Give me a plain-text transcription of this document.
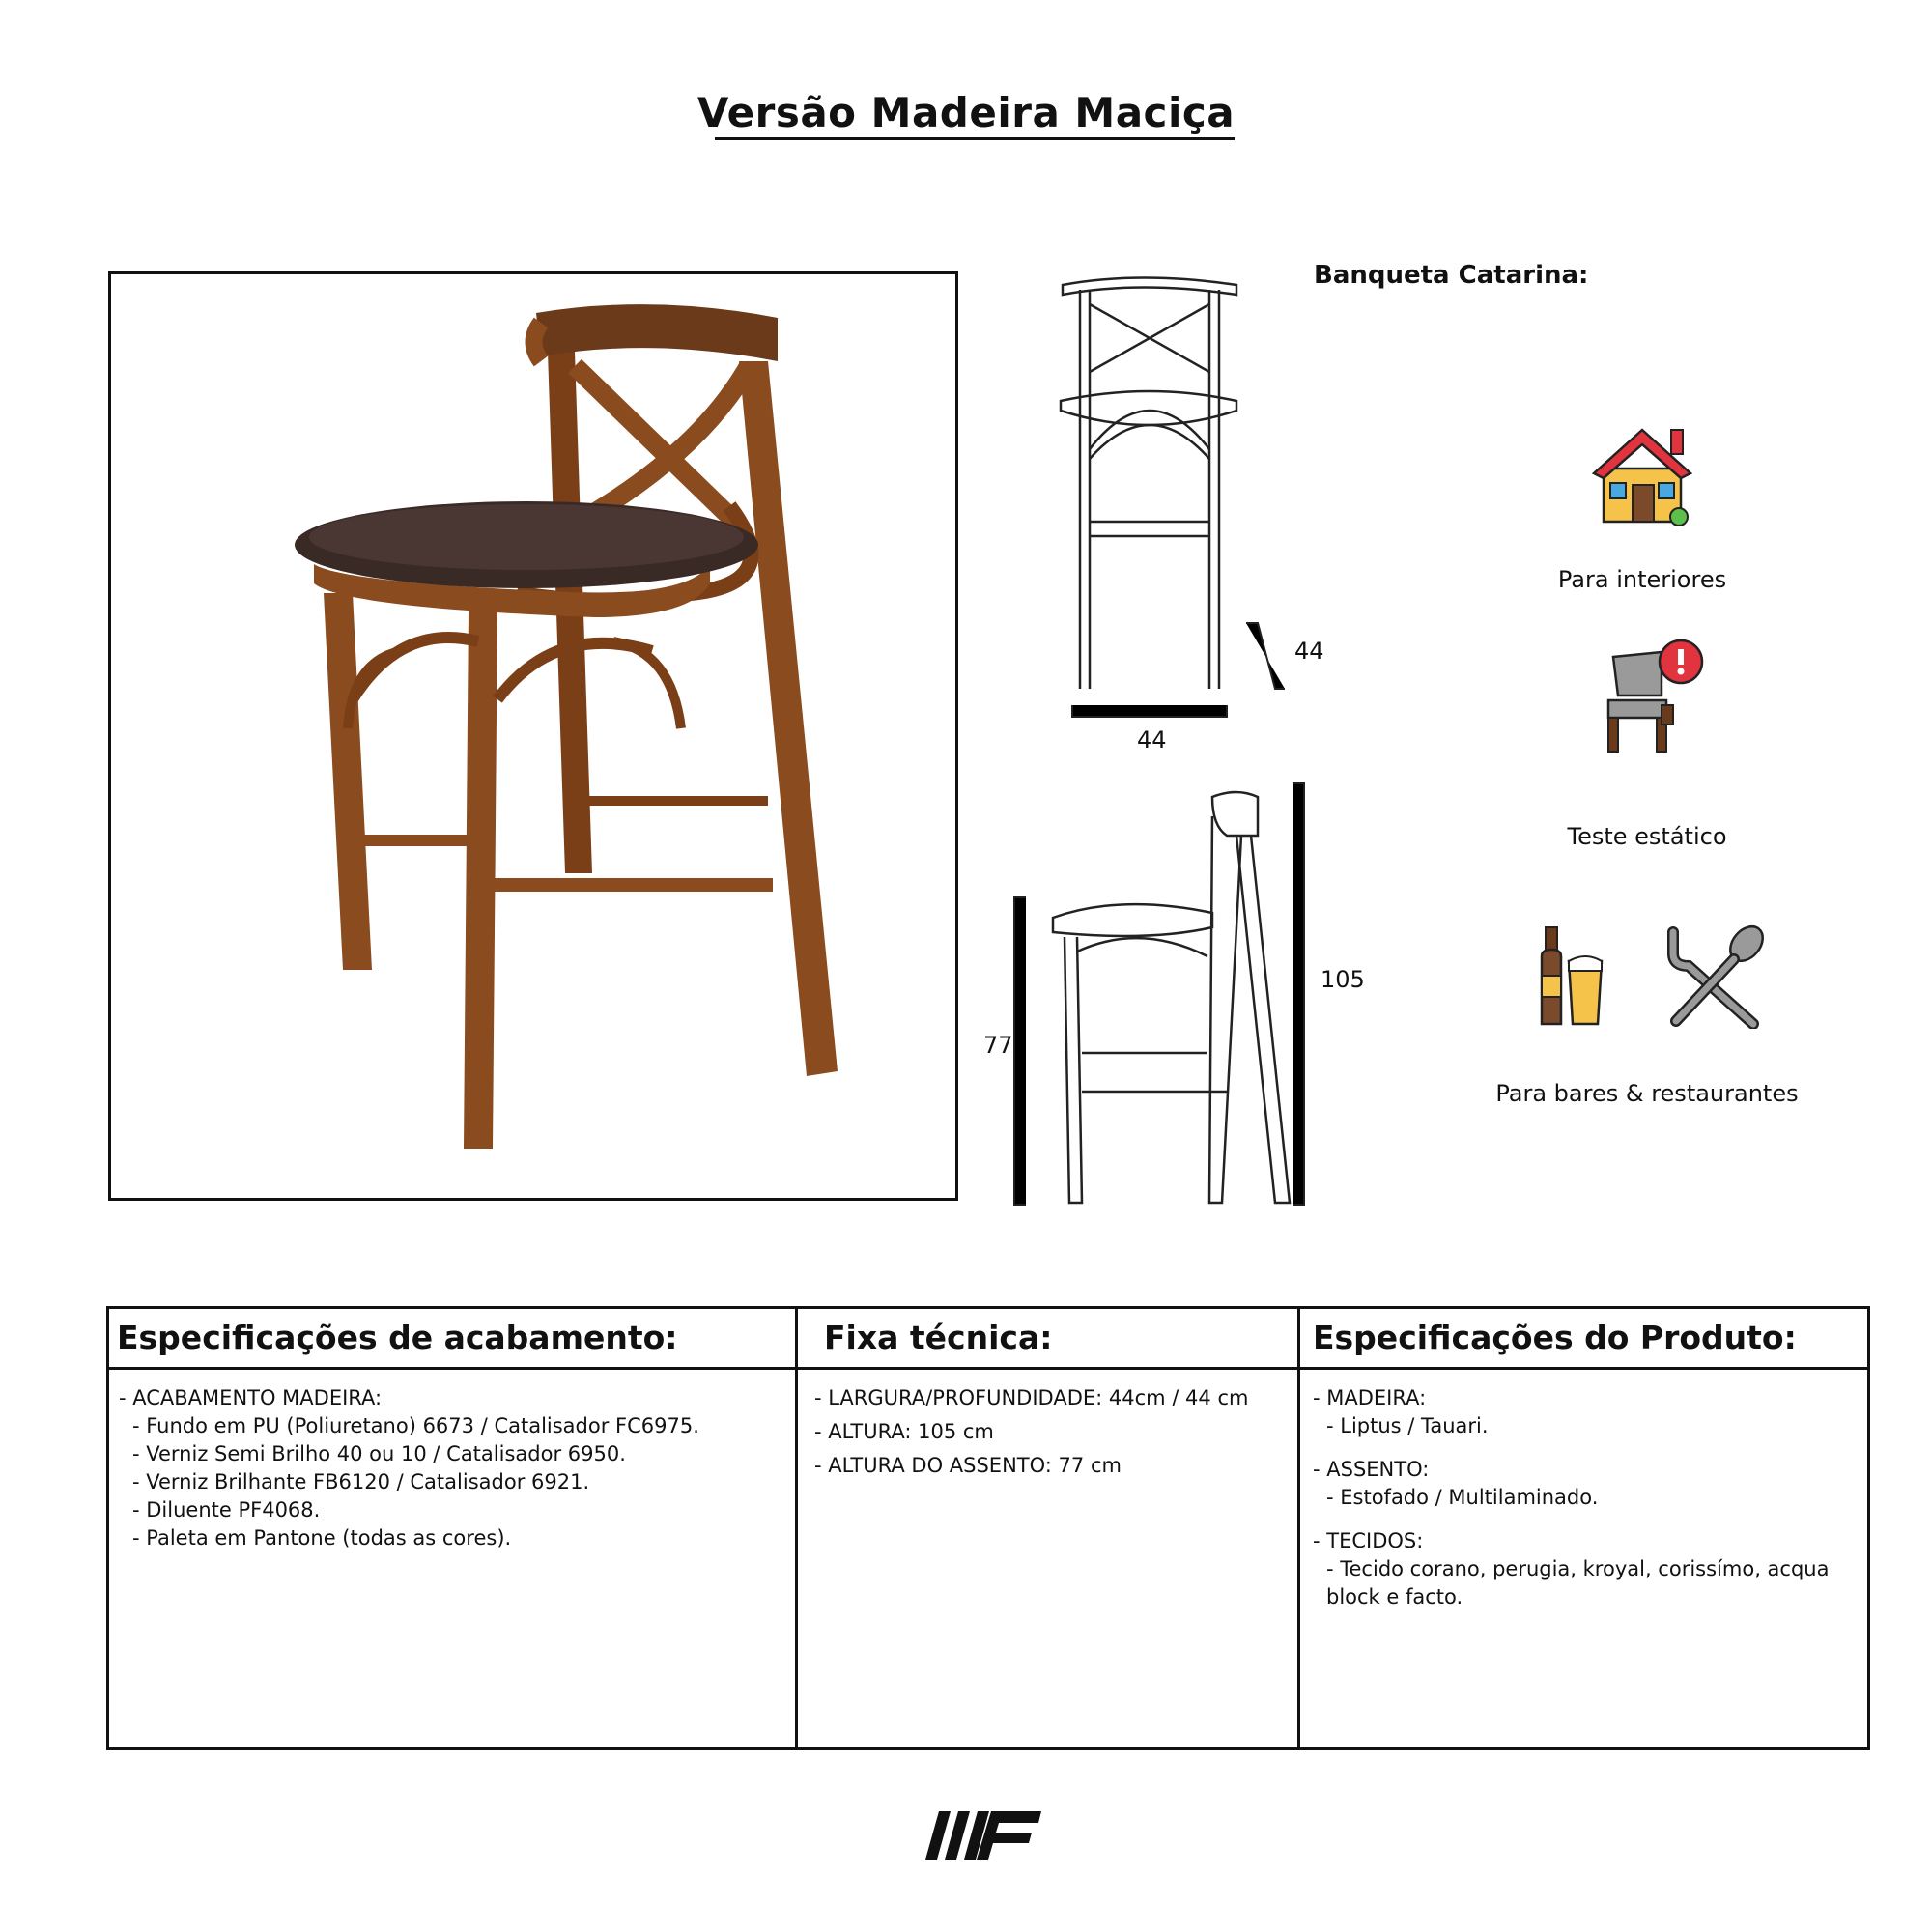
Versão Madeira Maciça
Banqueta Catarina:
44
44
77
105
Para interiores
Teste estático
Para bares & restaurantes
Especificações de acabamento:
- ACABAMENTO MADEIRA:
- Fundo em PU (Poliuretano) 6673 / Catalisador FC6975.
- Verniz Semi Brilho 40 ou 10 / Catalisador 6950.
- Verniz Brilhante FB6120 / Catalisador 6921.
- Diluente PF4068.
- Paleta em Pantone (todas as cores).
Fixa técnica:
- LARGURA/PROFUNDIDADE: 44cm / 44 cm
- ALTURA: 105 cm
- ALTURA DO ASSENTO: 77 cm
Especificações do Produto:
- MADEIRA:
- Liptus / Tauari.
- ASSENTO:
- Estofado / Multilaminado.
- TECIDOS:
- Tecido corano, perugia, kroyal, corissímo, acqua block e facto.
